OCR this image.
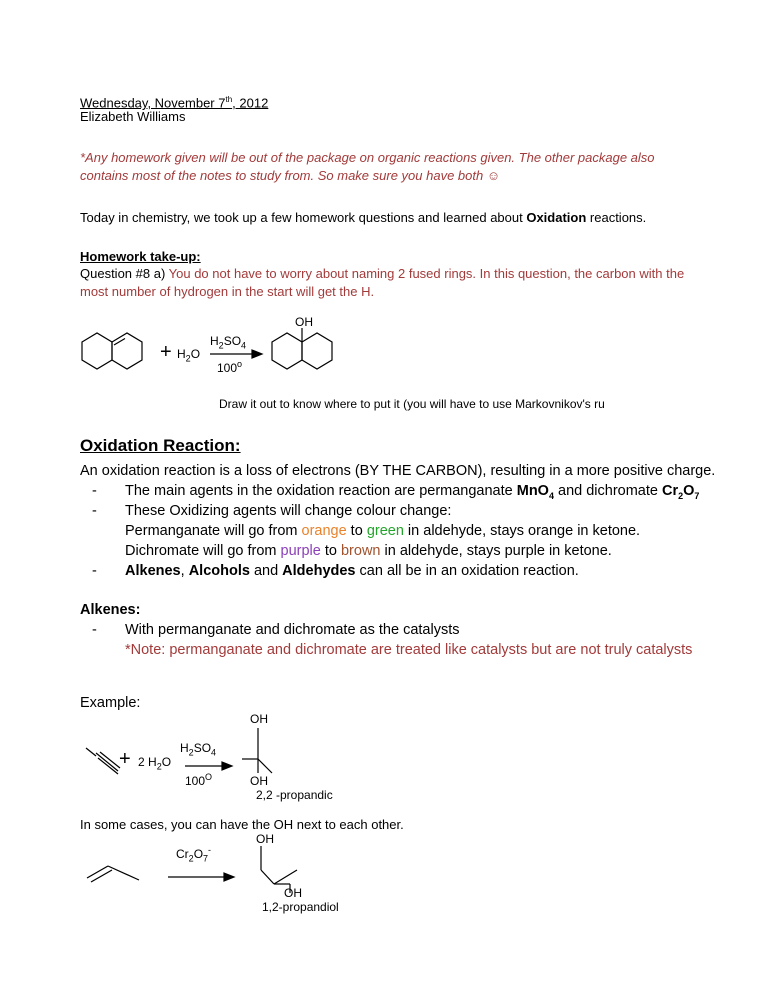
Wednesday, November 7th, 2012
Elizabeth Williams
*Any homework given will be out of the package on organic reactions given. The other package also
contains most of the notes to study from. So make sure you have both ☺
Today in chemistry, we took up a few homework questions and learned about Oxidation reactions.
Homework take-up:
Question #8 a) You do not have to worry about naming 2 fused rings. In this question, the carbon with the
most number of hydrogen in the start will get the H.
+ $H_2O$
$H_2SO_4$
100$^o$
OH
Draw it out to know where to put it (you will have to use Markovnikov's ru
Oxidation Reaction:
An oxidation reaction is a loss of electrons (BY THE CARBON), resulting in a more positive charge.
- The main agents in the oxidation reaction are permanganate MnO$_4$ and dichromate $Cr_2O_7$
- These Oxidizing agents will change colour change:
Permanganate will go from orange to green in aldehyde, stays orange in ketone.
Dichromate will go from purple to brown in aldehyde, stays purple in ketone.
- Alkenes, Alcohols and Aldehydes can all be in an oxidation reaction.
Alkenes:
- With permanganate and dichromate as the catalysts
*Note: permanganate and dichromate are treated like catalysts but are not truly catalysts
Example:
+ 2 $H_2O$
$H_2SO_4$
$100^O$
OH
OH
2,2 -propandic
In some cases, you can have the OH next to each other.
$Cr_2O_7^-$
OH
OH
1,2-propandiol
